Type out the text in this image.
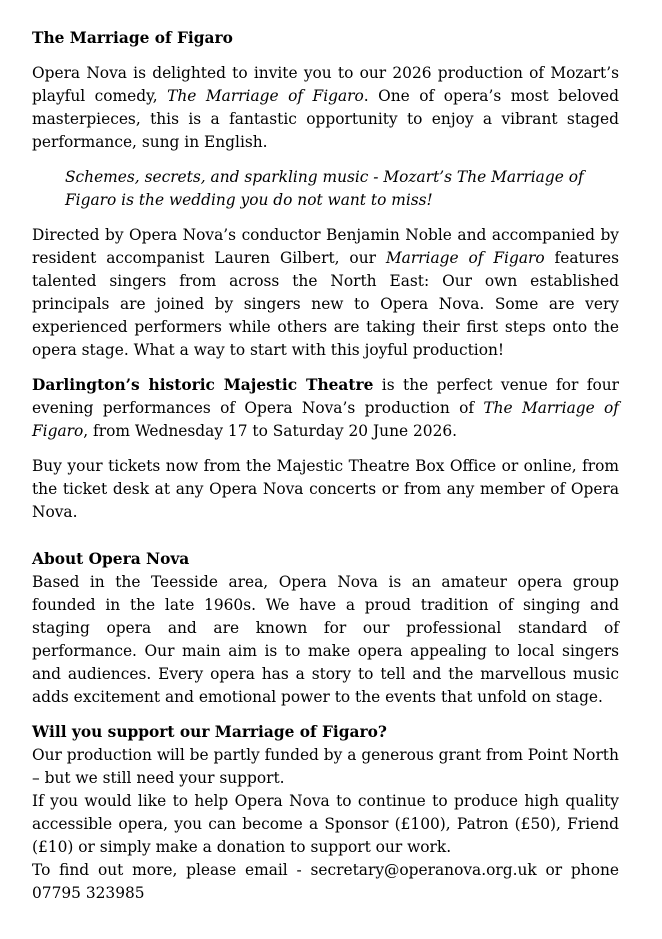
The Marriage of Figaro

Opera Nova is delighted to invite you to our 2026 production of Mozart’s playful comedy, The Marriage of Figaro. One of opera’s most beloved masterpieces, this is a fantastic opportunity to enjoy a vibrant staged performance, sung in English.

Schemes, secrets, and sparkling music - Mozart’s The Marriage of Figaro is the wedding you do not want to miss!

Directed by Opera Nova’s conductor Benjamin Noble and accompanied by resident accompanist Lauren Gilbert, our Marriage of Figaro features talented singers from across the North East: Our own established principals are joined by singers new to Opera Nova. Some are very experienced performers while others are taking their first steps onto the opera stage. What a way to start with this joyful production!

Darlington’s historic Majestic Theatre is the perfect venue for four evening performances of Opera Nova’s production of The Marriage of Figaro, from Wednesday 17 to Saturday 20 June 2026.

Buy your tickets now from the Majestic Theatre Box Office or online, from the ticket desk at any Opera Nova concerts or from any member of Opera Nova.

About Opera Nova

Based in the Teesside area, Opera Nova is an amateur opera group founded in the late 1960s. We have a proud tradition of singing and staging opera and are known for our professional standard of performance. Our main aim is to make opera appealing to local singers and audiences. Every opera has a story to tell and the marvellous music adds excitement and emotional power to the events that unfold on stage.

Will you support our Marriage of Figaro?

Our production will be partly funded by a generous grant from Point North – but we still need your support.

If you would like to help Opera Nova to continue to produce high quality accessible opera, you can become a Sponsor (£100), Patron (£50), Friend (£10) or simply make a donation to support our work.

To find out more, please email - secretary@operanova.org.uk or phone 07795 323985
